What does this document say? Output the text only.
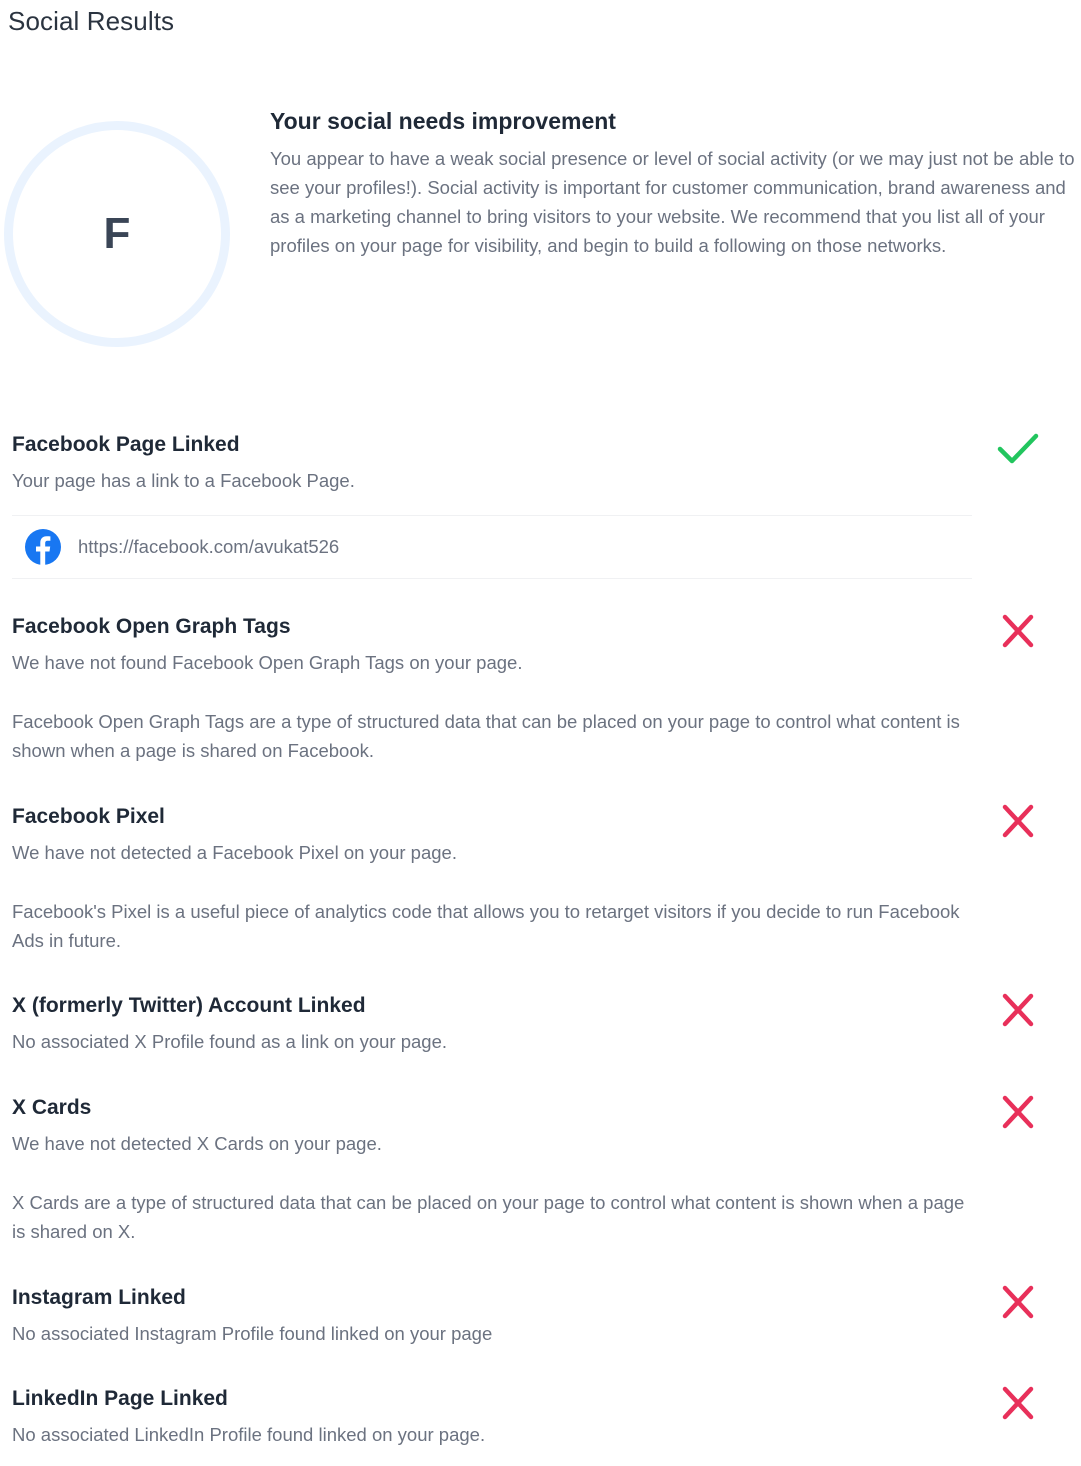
Social Results
F
Your social needs improvement

You appear to have a weak social presence or level of social activity (or we may just not be able to see your profiles!). Social activity is important for customer communication, brand awareness and as a marketing channel to bring visitors to your website. We recommend that you list all of your profiles on your page for visibility, and begin to build a following on those networks.

Facebook Page Linked

Your page has a link to a Facebook Page.

https://facebook.com/avukat526
Facebook Open Graph Tags

We have not found Facebook Open Graph Tags on your page.

Facebook Open Graph Tags are a type of structured data that can be placed on your page to control what content is shown when a page is shared on Facebook.

Facebook Pixel

We have not detected a Facebook Pixel on your page.

Facebook's Pixel is a useful piece of analytics code that allows you to retarget visitors if you decide to run Facebook Ads in future.

X (formerly Twitter) Account Linked

No associated X Profile found as a link on your page.

X Cards

We have not detected X Cards on your page.

X Cards are a type of structured data that can be placed on your page to control what content is shown when a page is shared on X.

Instagram Linked

No associated Instagram Profile found linked on your page

LinkedIn Page Linked

No associated LinkedIn Profile found linked on your page.
